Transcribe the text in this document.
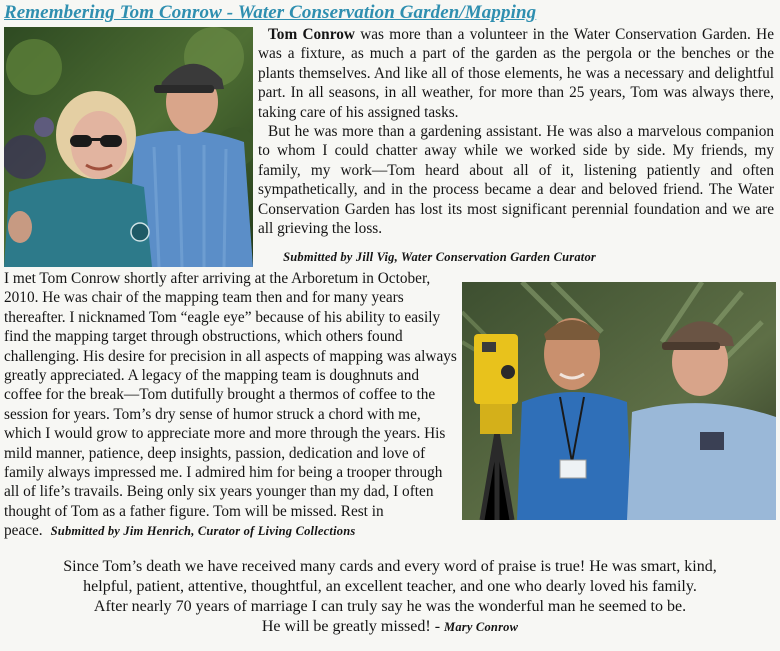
Remembering Tom Conrow - Water Conservation Garden/Mapping

Tom Conrow was more than a volunteer in the Water Conservation Garden. He was a fixture, as much a part of the garden as the pergola or the benches or the plants themselves. And like all of those elements, he was a necessary and delightful part. In all seasons, in all weather, for more than 25 years, Tom was always there, taking care of his assigned tasks.

But he was more than a gardening assistant. He was also a marvelous companion to whom I could chatter away while we worked side by side. My friends, my family, my work—Tom heard about all of it, listening patiently and often sympathetically, and in the process became a dear and beloved friend. The Water Conservation Garden has lost its most significant perennial foundation and we are all grieving the loss.

Submitted by Jill Vig, Water Conservation Garden Curator

I met Tom Conrow shortly after arriving at the Arboretum in October, 2010. He was chair of the mapping team then and for many years thereafter. I nicknamed Tom “eagle eye” because of his ability to easily find the mapping target through obstructions, which others found challenging. His desire for precision in all aspects of mapping was always greatly appreciated. A legacy of the mapping team is doughnuts and coffee for the break—Tom dutifully brought a thermos of coffee to the session for years. Tom’s dry sense of humor struck a chord with me, which I would grow to appreciate more and more through the years. His mild manner, patience, deep insights, passion, dedication and love of family always impressed me. I admired him for being a trooper through all of life’s travails. Being only six years younger than my dad, I often thought of Tom as a father figure. Tom will be missed. Rest in peace. Submitted by Jim Henrich, Curator of Living Collections

Since Tom’s death we have received many cards and every word of praise is true! He was smart, kind,

helpful, patient, attentive, thoughtful, an excellent teacher, and one who dearly loved his family.

After nearly 70 years of marriage I can truly say he was the wonderful man he seemed to be.

He will be greatly missed! - Mary Conrow
